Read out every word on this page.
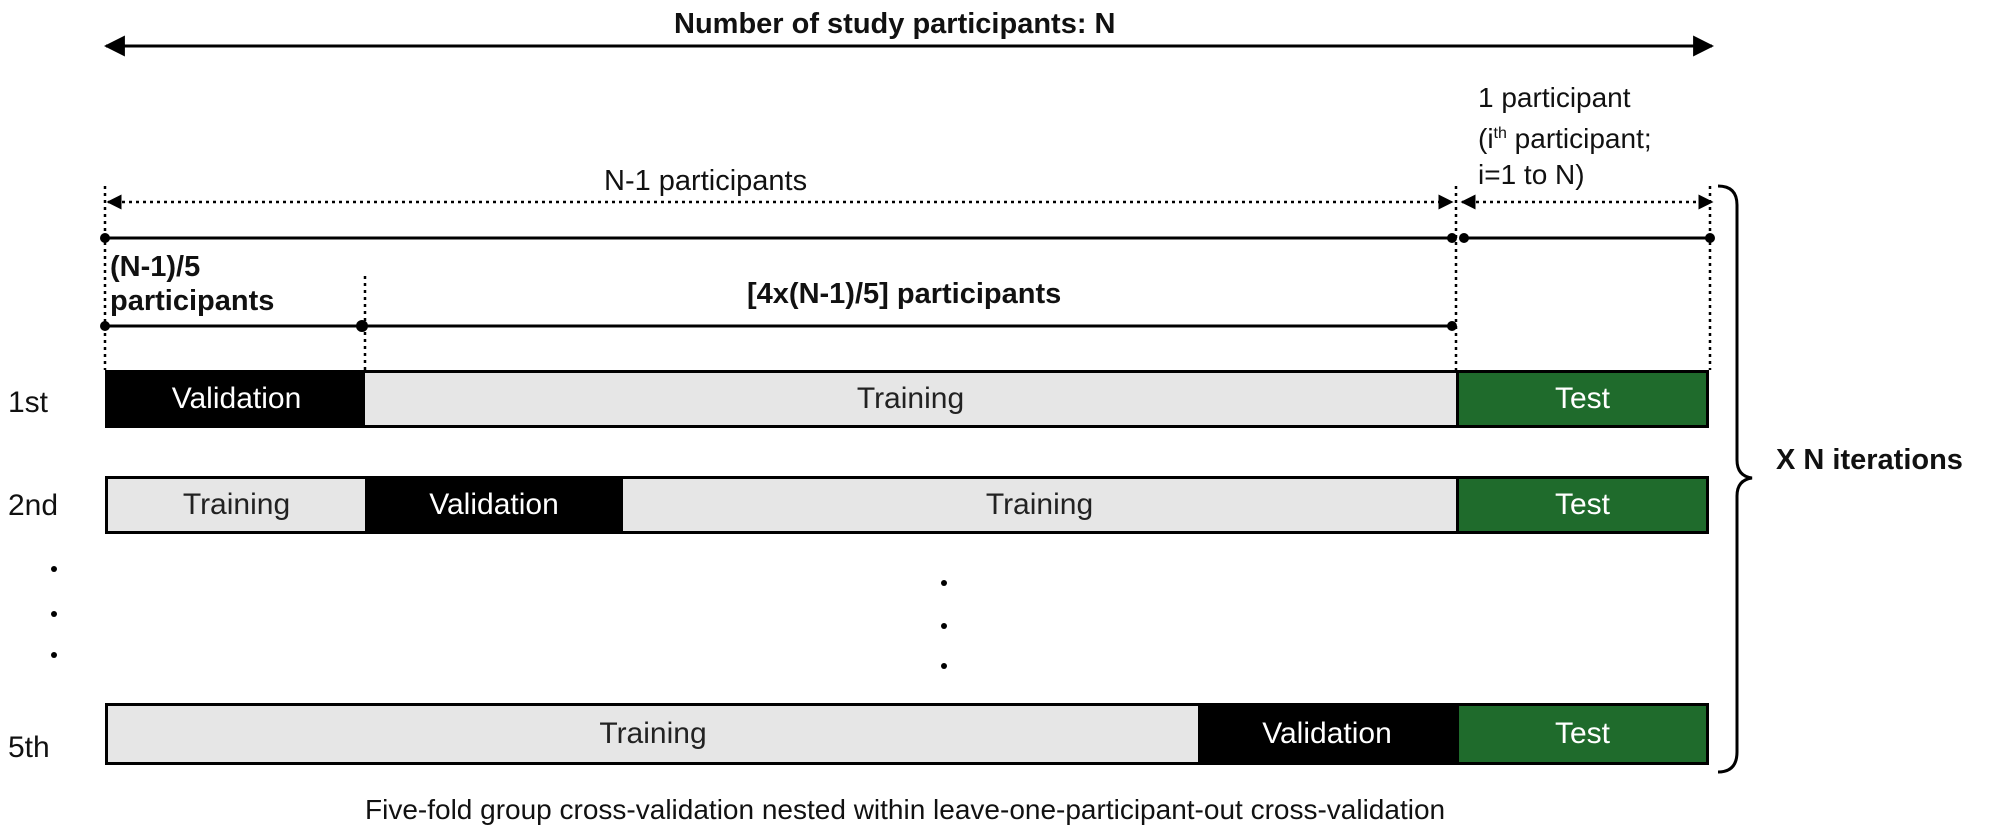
Number of study participants: N
1 participant
($i^{th}$ participant;
i=1 to N)
N-1 participants
(N-1)/5
participants	[4x(N-1)/5] participants
1st	Validation	Training	Test
2nd	Training	Validation	Training	Test
5th	Training	Validation	Test
X N iterations
Five-fold group cross-validation nested within leave-one-participant-out cross-validation
